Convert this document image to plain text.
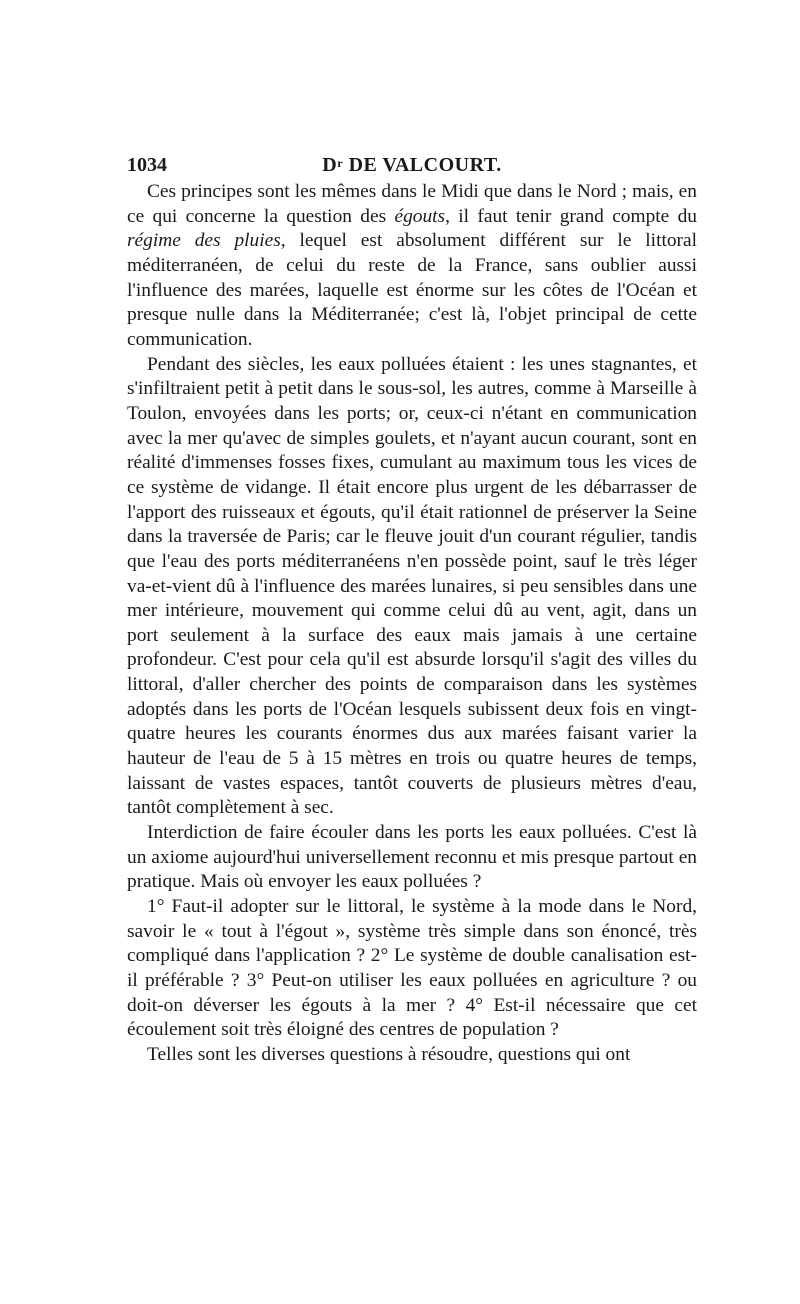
1034	$D^r$ DE VALCOURT.

Ces principes sont les mêmes dans le Midi que dans le Nord ; mais, en ce qui concerne la question des égouts, il faut tenir grand compte du régime des pluies, lequel est absolument différent sur le littoral méditerranéen, de celui du reste de la France, sans oublier aussi l'influence des marées, laquelle est énorme sur les côtes de l'Océan et presque nulle dans la Méditerranée; c'est là, l'objet principal de cette communication.

Pendant des siècles, les eaux polluées étaient : les unes stagnantes, et s'infiltraient petit à petit dans le sous-sol, les autres, comme à Marseille à Toulon, envoyées dans les ports; or, ceux-ci n'étant en communication avec la mer qu'avec de simples goulets, et n'ayant aucun courant, sont en réalité d'immenses fosses fixes, cumulant au maximum tous les vices de ce système de vidange. Il était encore plus urgent de les débarrasser de l'apport des ruisseaux et égouts, qu'il était rationnel de préserver la Seine dans la traversée de Paris; car le fleuve jouit d'un courant régulier, tandis que l'eau des ports méditerranéens n'en possède point, sauf le très léger va-et-vient dû à l'influence des marées lunaires, si peu sensibles dans une mer intérieure, mouvement qui comme celui dû au vent, agit, dans un port seulement à la surface des eaux mais jamais à une certaine profondeur. C'est pour cela qu'il est absurde lorsqu'il s'agit des villes du littoral, d'aller chercher des points de comparaison dans les systèmes adoptés dans les ports de l'Océan lesquels subissent deux fois en vingt-quatre heures les courants énormes dus aux marées faisant varier la hauteur de l'eau de 5 à 15 mètres en trois ou quatre heures de temps, laissant de vastes espaces, tantôt couverts de plusieurs mètres d'eau, tantôt complètement à sec.

Interdiction de faire écouler dans les ports les eaux polluées. C'est là un axiome aujourd'hui universellement reconnu et mis presque partout en pratique. Mais où envoyer les eaux polluées ?

1° Faut-il adopter sur le littoral, le système à la mode dans le Nord, savoir le « tout à l'égout », système très simple dans son énoncé, très compliqué dans l'application ? 2° Le système de double canalisation est-il préférable ? 3° Peut-on utiliser les eaux polluées en agriculture ? ou doit-on déverser les égouts à la mer ? 4° Est-il nécessaire que cet écoulement soit très éloigné des centres de population ?

Telles sont les diverses questions à résoudre, questions qui ont
